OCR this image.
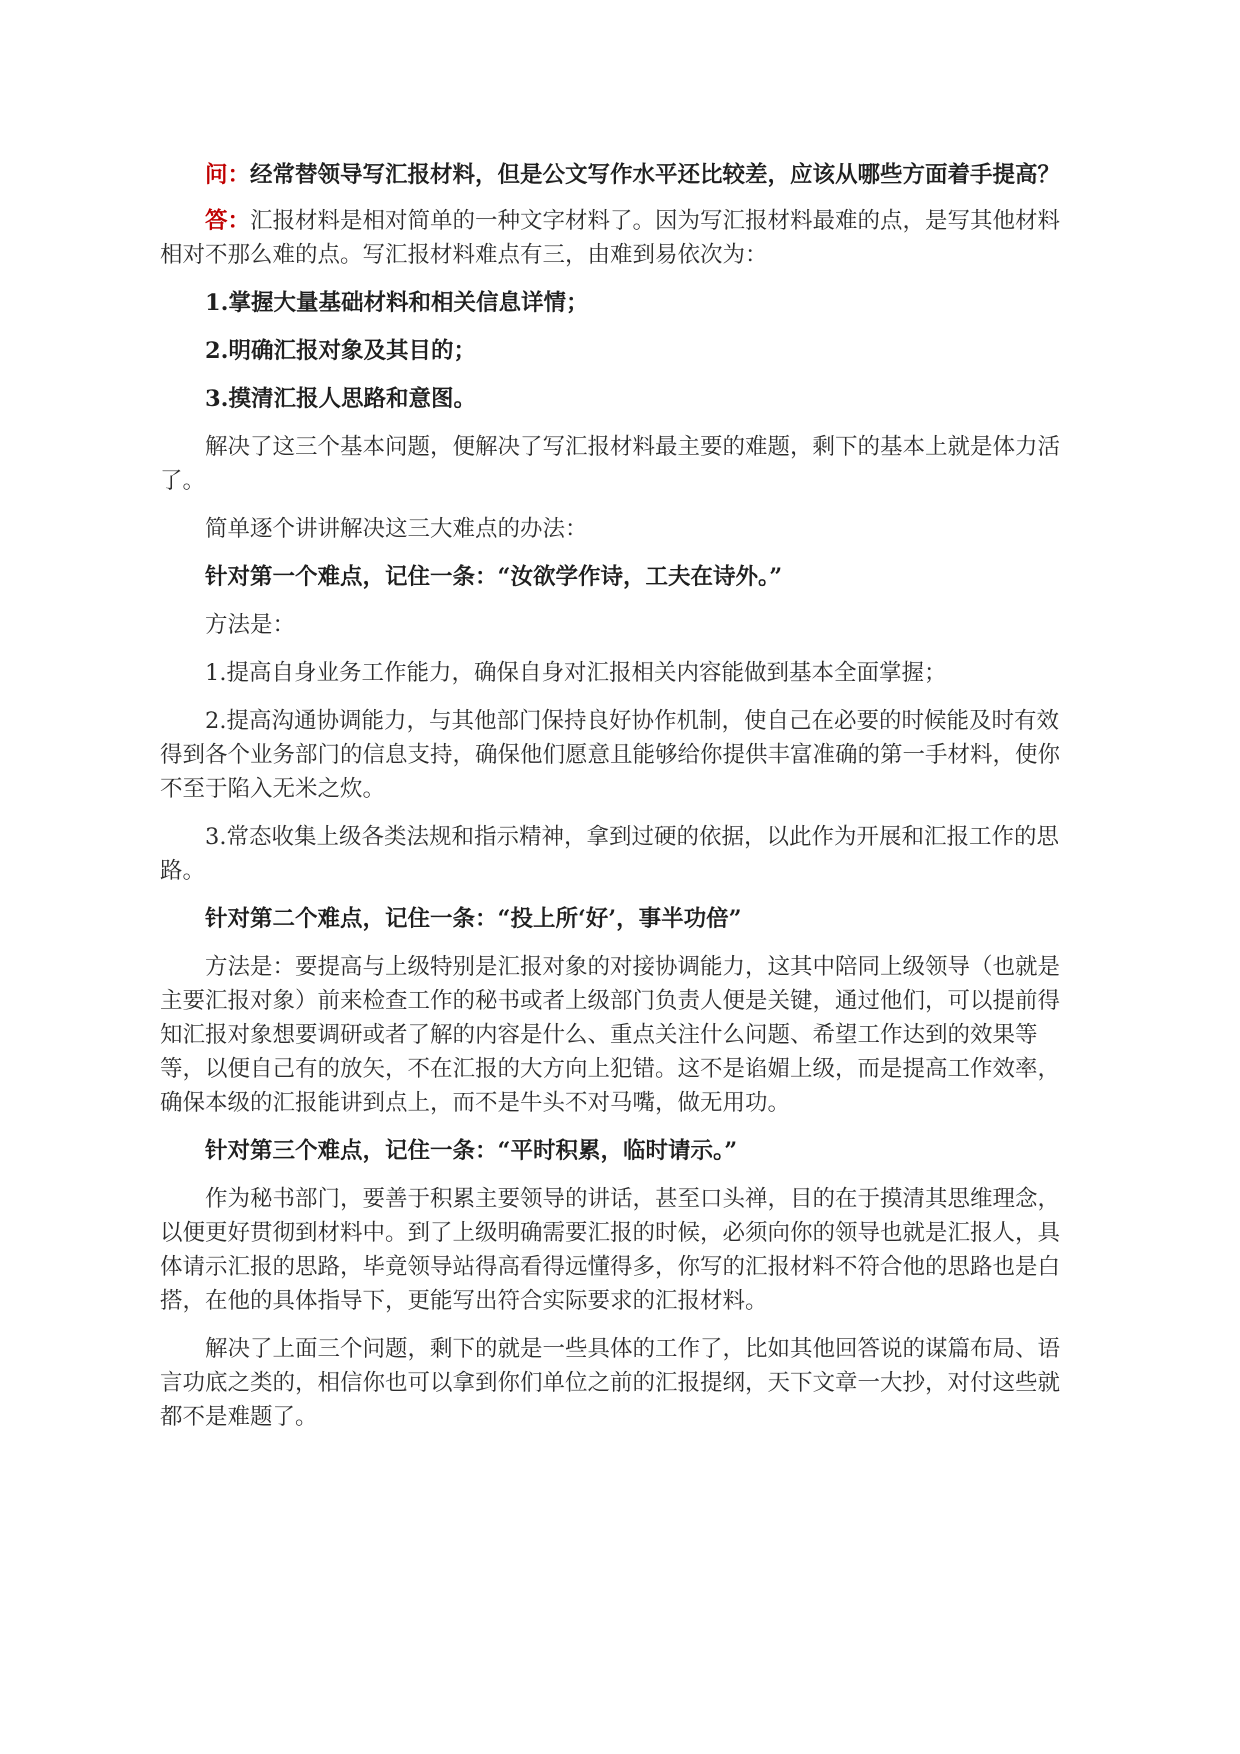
问：经常替领导写汇报材料，但是公文写作水平还比较差，应该从哪些方面着手提高？

答：汇报材料是相对简单的一种文字材料了。因为写汇报材料最难的点，是写其他材料相对不那么难的点。写汇报材料难点有三，由难到易依次为：

1.掌握大量基础材料和相关信息详情；

2.明确汇报对象及其目的；

3.摸清汇报人思路和意图。

解决了这三个基本问题，便解决了写汇报材料最主要的难题，剩下的基本上就是体力活了。

简单逐个讲讲解决这三大难点的办法：

针对第一个难点，记住一条：“汝欲学作诗，工夫在诗外。”

方法是：

1.提高自身业务工作能力，确保自身对汇报相关内容能做到基本全面掌握；

2.提高沟通协调能力，与其他部门保持良好协作机制，使自己在必要的时候能及时有效得到各个业务部门的信息支持，确保他们愿意且能够给你提供丰富准确的第一手材料，使你不至于陷入无米之炊。

3.常态收集上级各类法规和指示精神，拿到过硬的依据，以此作为开展和汇报工作的思路。

针对第二个难点，记住一条：“投上所‘好’，事半功倍”

方法是：要提高与上级特别是汇报对象的对接协调能力，这其中陪同上级领导（也就是主要汇报对象）前来检查工作的秘书或者上级部门负责人便是关键，通过他们，可以提前得知汇报对象想要调研或者了解的内容是什么、重点关注什么问题、希望工作达到的效果等等，以便自己有的放矢，不在汇报的大方向上犯错。这不是谄媚上级，而是提高工作效率，确保本级的汇报能讲到点上，而不是牛头不对马嘴，做无用功。

针对第三个难点，记住一条：“平时积累，临时请示。”

作为秘书部门，要善于积累主要领导的讲话，甚至口头禅，目的在于摸清其思维理念，以便更好贯彻到材料中。到了上级明确需要汇报的时候，必须向你的领导也就是汇报人，具体请示汇报的思路，毕竟领导站得高看得远懂得多，你写的汇报材料不符合他的思路也是白搭，在他的具体指导下，更能写出符合实际要求的汇报材料。

解决了上面三个问题，剩下的就是一些具体的工作了，比如其他回答说的谋篇布局、语言功底之类的，相信你也可以拿到你们单位之前的汇报提纲，天下文章一大抄，对付这些就都不是难题了。
